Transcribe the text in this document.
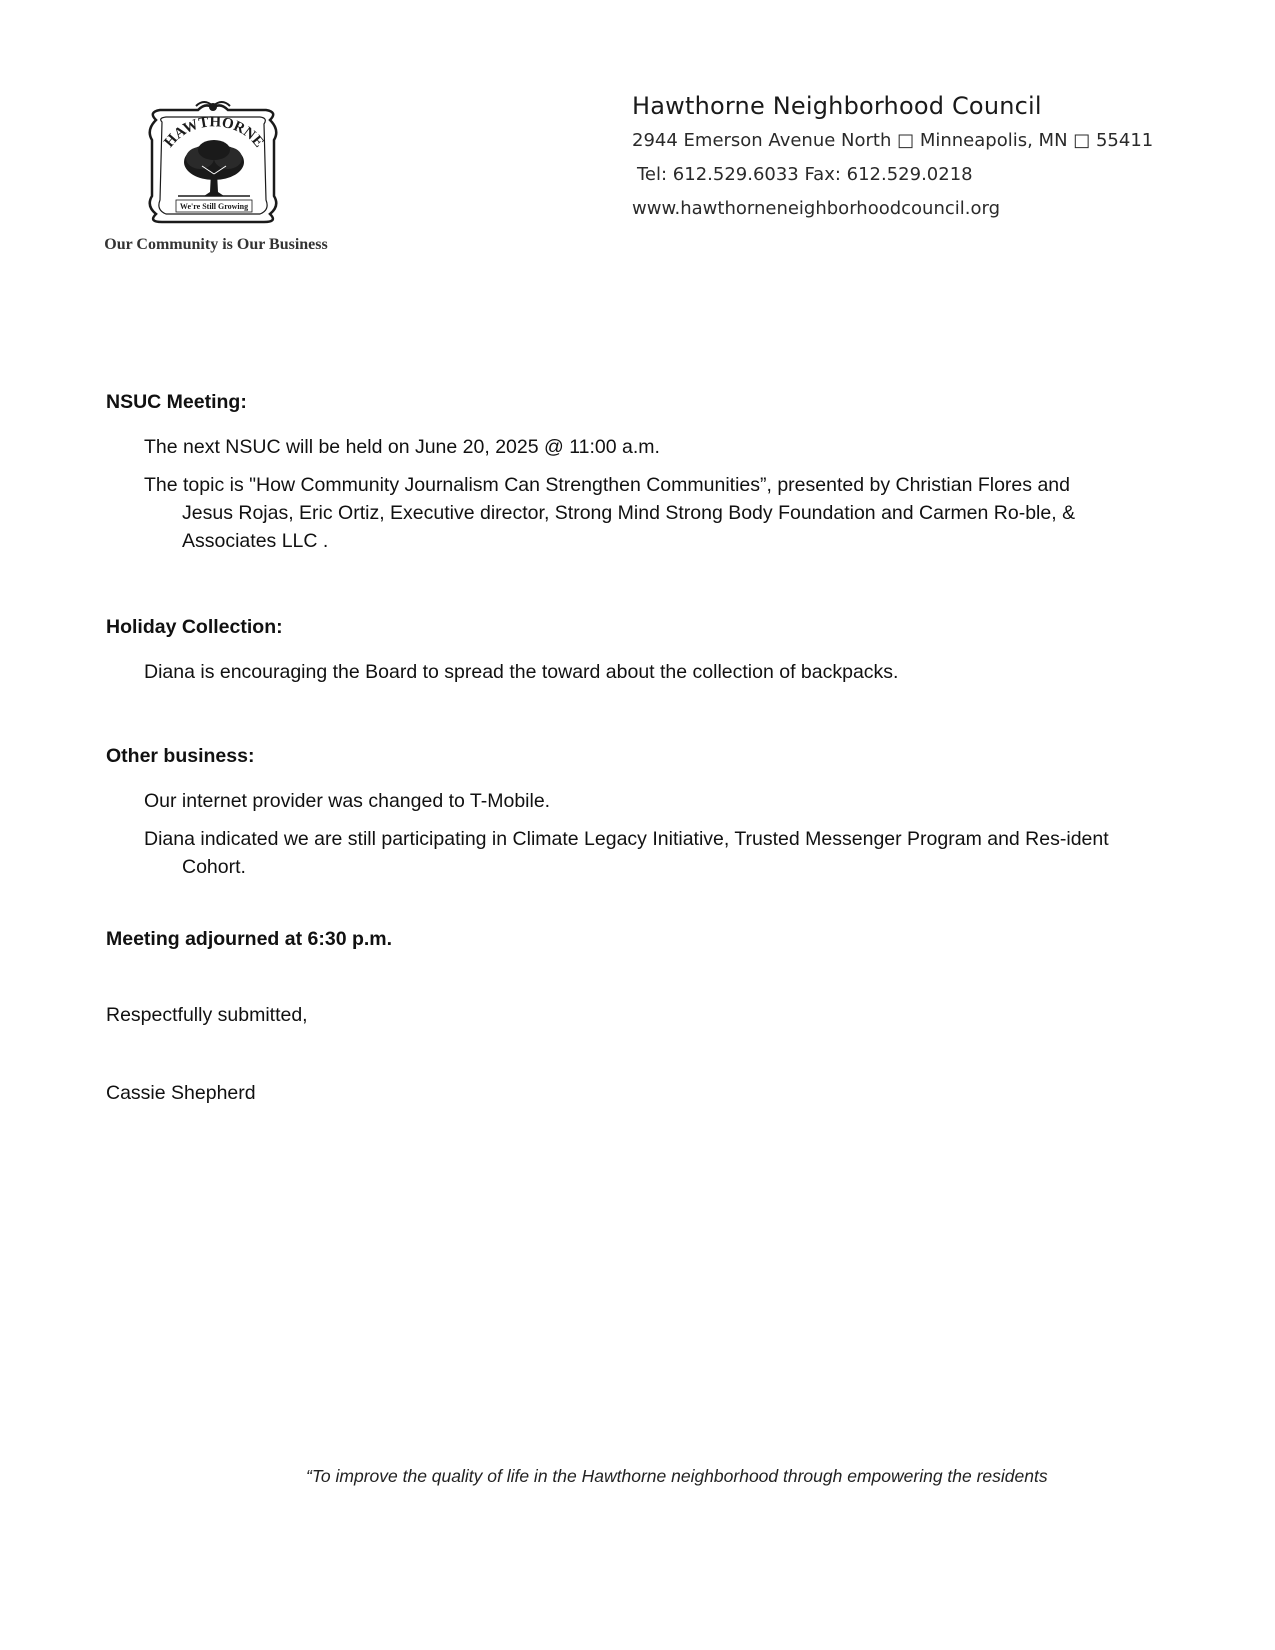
HAWTHORNE
We're Still Growing
Our Community is Our Business
Hawthorne Neighborhood Council
2944 Emerson Avenue North □ Minneapolis, MN □ 55411
Tel: 612.529.6033 Fax: 612.529.0218
www.hawthorneneighborhoodcouncil.org
NSUC Meeting:

The next NSUC will be held on June 20, 2025 @ 11:00 a.m.

The topic is "How Community Journalism Can Strengthen Communities”, presented by Christian Flores and Jesus Rojas, Eric Ortiz, Executive director, Strong Mind Strong Body Foundation and Carmen Ro-ble, & Associates LLC .

Holiday Collection:

Diana is encouraging the Board to spread the toward about the collection of backpacks.

Other business:

Our internet provider was changed to T-Mobile.

Diana indicated we are still participating in Climate Legacy Initiative, Trusted Messenger Program and Res-ident Cohort.

Meeting adjourned at 6:30 p.m.

Respectfully submitted,

Cassie Shepherd

“To improve the quality of life in the Hawthorne neighborhood through empowering the residents
